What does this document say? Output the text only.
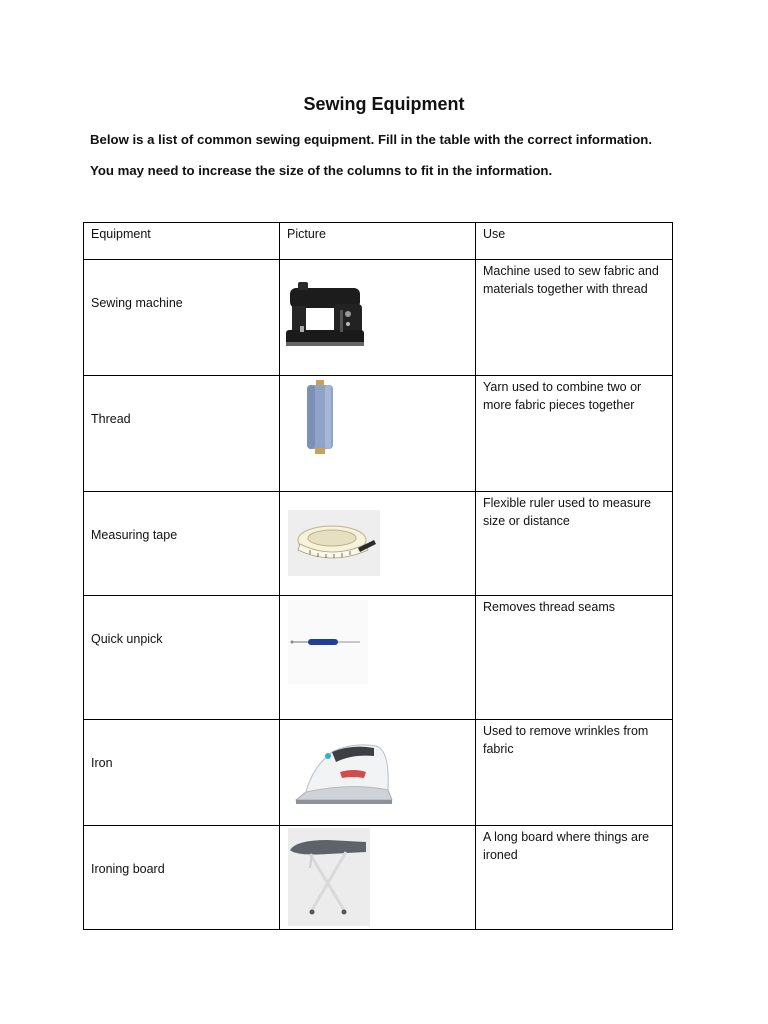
Sewing Equipment
Below is a list of common sewing equipment. Fill in the table with the correct information.
You may need to increase the size of the columns to fit in the information.
Equipment	Picture	Use

Sewing machine		Machine used to sew fabric and materials together with thread

Thread		Yarn used to combine two or more fabric pieces together

Measuring tape		Flexible ruler used to measure size or distance

Quick unpick		Removes thread seams

Iron		Used to remove wrinkles from fabric

Ironing board		A long board where things are ironed
